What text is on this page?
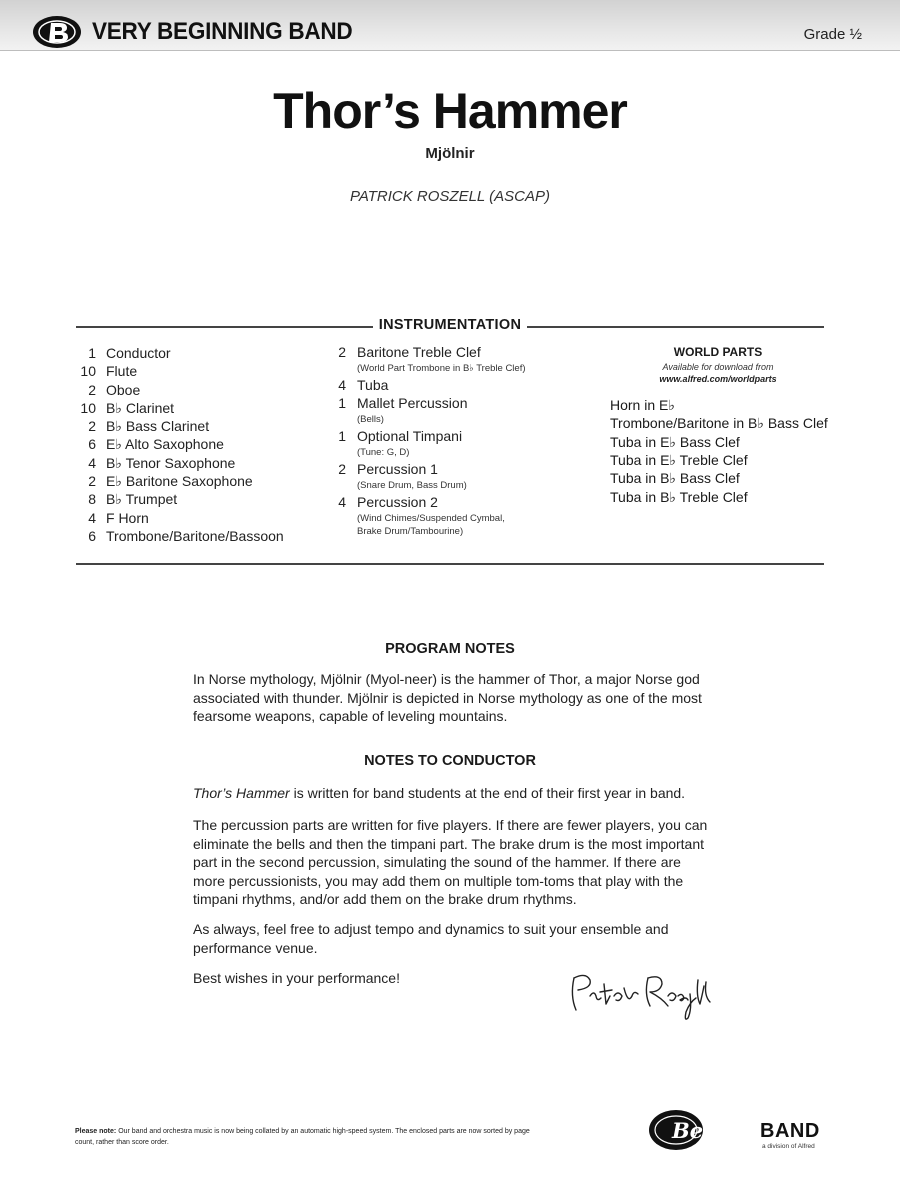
VERY BEGINNING BAND	Grade ½
Thor’s Hammer
Mjölnir
PATRICK ROSZELL (ASCAP)
INSTRUMENTATION
1 Conductor
10 Flute
2 Oboe
10 B♭ Clarinet
2 B♭ Bass Clarinet
6 E♭ Alto Saxophone
4 B♭ Tenor Saxophone
2 E♭ Baritone Saxophone
8 B♭ Trumpet
4 F Horn
6 Trombone/Baritone/Bassoon
2 Baritone Treble Clef
(World Part Trombone in B♭ Treble Clef)
4 Tuba
1 Mallet Percussion
(Bells)
1 Optional Timpani
(Tune: G, D)
2 Percussion 1
(Snare Drum, Bass Drum)
4 Percussion 2
(Wind Chimes/Suspended Cymbal,
Brake Drum/Tambourine)
WORLD PARTS
Available for download from
www.alfred.com/worldparts
Horn in E♭
Trombone/Baritone in B♭ Bass Clef
Tuba in E♭ Bass Clef
Tuba in E♭ Treble Clef
Tuba in B♭ Bass Clef
Tuba in B♭ Treble Clef
PROGRAM NOTES
In Norse mythology, Mjölnir (Myol-neer) is the hammer of Thor, a major Norse god associated with thunder. Mjölnir is depicted in Norse mythology as one of the most fearsome weapons, capable of leveling mountains.
NOTES TO CONDUCTOR
Thor’s Hammer is written for band students at the end of their first year in band.
The percussion parts are written for five players. If there are fewer players, you can eliminate the bells and then the timpani part. The brake drum is the most important part in the second percussion, simulating the sound of the hammer. If there are more percussionists, you may add them on multiple tom-toms that play with the timpani rhythms, and/or add them on the brake drum rhythms.
As always, feel free to adjust tempo and dynamics to suit your ensemble and performance venue.
Best wishes in your performance!
Please note: Our band and orchestra music is now being collated by an automatic high-speed system. The enclosed parts are now sorted by page count, rather than score order.	Belwin BAND
a division of Alfred
